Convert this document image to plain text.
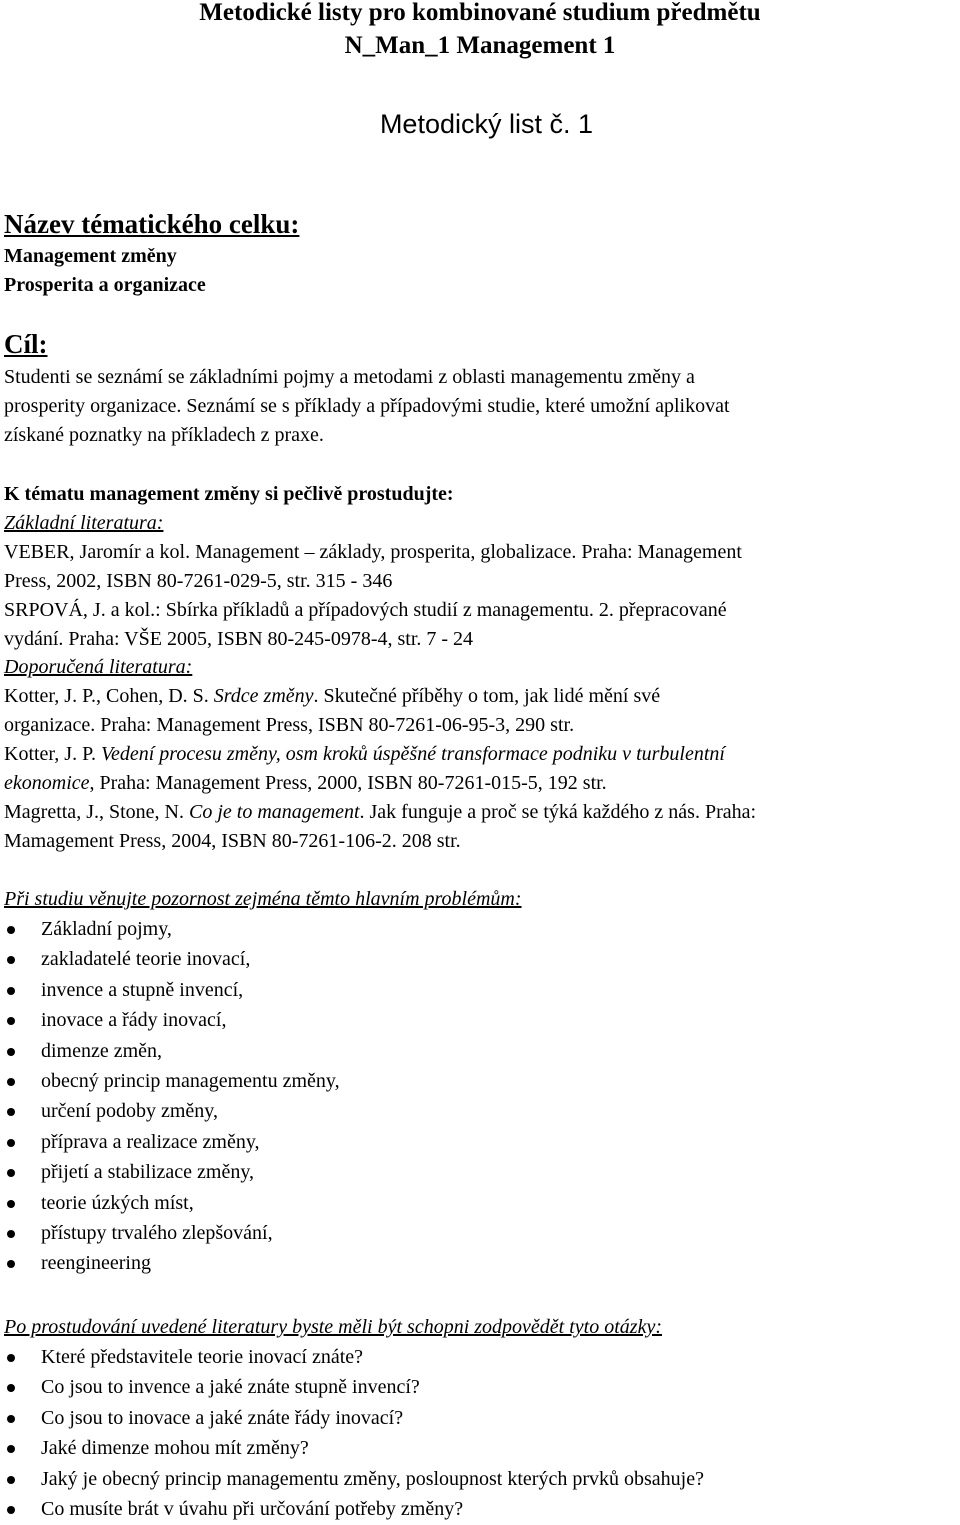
Metodické listy pro kombinované studium předmětu
N_Man_1 Management 1
Metodický list č. 1
Název tématického celku:
Management změny
Prosperita a organizace
Cíl:
Studenti se seznámí se základními pojmy a metodami z oblasti managementu změny a
prosperity organizace. Seznámí se s příklady a případovými studie, které umožní aplikovat
získané poznatky na příkladech z praxe.
K tématu management změny si pečlivě prostudujte:
Základní literatura:
VEBER, Jaromír a kol. Management – základy, prosperita, globalizace. Praha: Management
Press, 2002, ISBN 80-7261-029-5, str. 315 - 346
SRPOVÁ, J. a kol.: Sbírka příkladů a případových studií z managementu. 2. přepracované
vydání. Praha: VŠE 2005, ISBN 80-245-0978-4, str. 7 - 24
Doporučená literatura:
Kotter, J. P., Cohen, D. S. Srdce změny. Skutečné příběhy o tom, jak lidé mění své
organizace. Praha: Management Press, ISBN 80-7261-06-95-3, 290 str.
Kotter, J. P. Vedení procesu změny, osm kroků úspěšné transformace podniku v turbulentní
ekonomice, Praha: Management Press, 2000, ISBN 80-7261-015-5, 192 str.
Magretta, J., Stone, N. Co je to management. Jak funguje a proč se týká každého z nás. Praha:
Mamagement Press, 2004, ISBN 80-7261-106-2. 208 str.
Při studiu věnujte pozornost zejména těmto hlavním problémům:
Základní pojmy,
zakladatelé teorie inovací,
invence a stupně invencí,
inovace a řády inovací,
dimenze změn,
obecný princip managementu změny,
určení podoby změny,
příprava a realizace změny,
přijetí a stabilizace změny,
teorie úzkých míst,
přístupy trvalého zlepšování,
reengineering
Po prostudování uvedené literatury byste měli být schopni zodpovědět tyto otázky:
Které představitele teorie inovací znáte?
Co jsou to invence a jaké znáte stupně invencí?
Co jsou to inovace a jaké znáte řády inovací?
Jaké dimenze mohou mít změny?
Jaký je obecný princip managementu změny, posloupnost kterých prvků obsahuje?
Co musíte brát v úvahu při určování potřeby změny?
